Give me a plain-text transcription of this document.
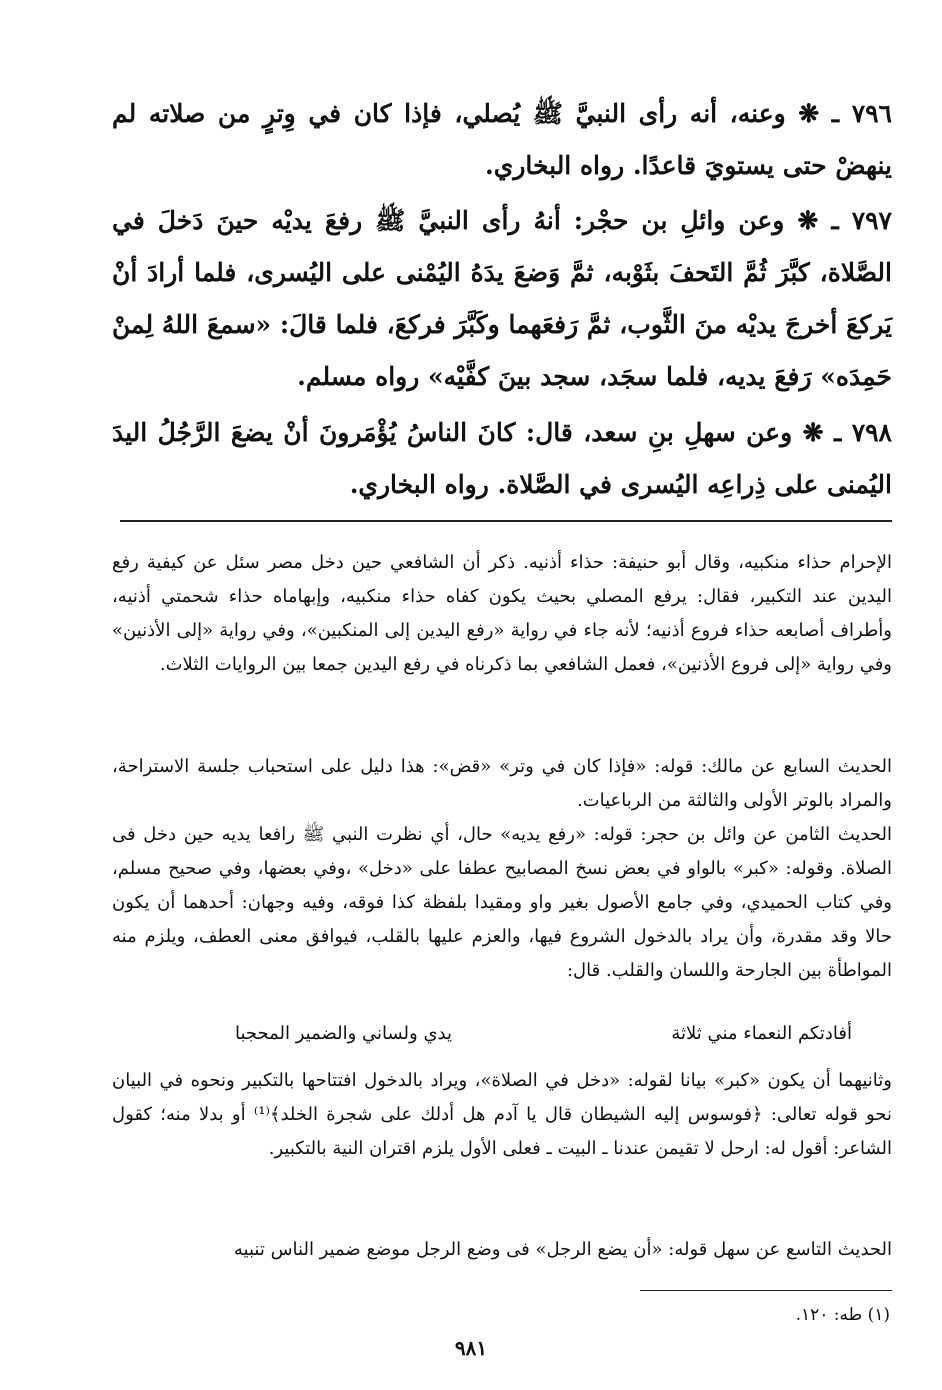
٧٩٦ ـ ❋ وعنه، أنه رأى النبيَّ ﷺ يُصلي، فإذا كان في وِترٍ من صلاته لم ينهضْ حتى يستويَ قاعدًا. رواه البخاري.

٧٩٧ ـ ❋ وعن وائلِ بن حجْر: أنهُ رأى النبيَّ ﷺ رفعَ يديْه حينَ دَخلَ في الصَّلاة، كبَّرَ ثُمَّ التَحفَ بثَوْبه، ثمَّ وَضعَ يدَهُ اليُمْنى على اليُسرى، فلما أرادَ أنْ يَركعَ أخرجَ يديْه منَ الثَّوب، ثمَّ رَفعَهما وكَبَّرَ فركعَ، فلما قالَ: «سمعَ اللهُ لِمنْ حَمِدَه» رَفعَ يديه، فلما سجَد، سجد بينَ كفَّيْه» رواه مسلم.

٧٩٨ ـ ❋ وعن سهلِ بنِ سعد، قال: كانَ الناسُ يُؤْمَرونَ أنْ يضعَ الرَّجُلُ اليدَ اليُمنى على ذِراعِه اليُسرى في الصَّلاة. رواه البخاري.

الإحرام حذاء منكبيه، وقال أبو حنيفة: حذاء أذنيه. ذكر أن الشافعي حين دخل مصر سئل عن كيفية رفع اليدين عند التكبير، فقال: يرفع المصلي بحيث يكون كفاه حذاء منكبيه، وإبهاماه حذاء شحمتي أذنيه، وأطراف أصابعه حذاء فروع أذنيه؛ لأنه جاء في رواية «رفع اليدين إلى المنكبين»، وفي رواية «إلى الأذنين» وفي رواية «إلى فروع الأذنين»، فعمل الشافعي بما ذكرناه في رفع اليدين جمعا بين الروايات الثلاث.

الحديث السابع عن مالك: قوله: «فإذا كان في وتر» «قض»: هذا دليل على استحباب جلسة الاستراحة، والمراد بالوتر الأولى والثالثة من الرباعيات.

الحديث الثامن عن وائل بن حجر: قوله: «رفع يديه» حال، أي نظرت النبي ﷺ رافعا يديه حين دخل فى الصلاة. وقوله: «كبر» بالواو في بعض نسخ المصابيح عطفا على «دخل» ،وفي بعضها، وفي صحيح مسلم، وفي كتاب الحميدي، وفي جامع الأصول بغير واو ومقيدا بلفظة كذا فوقه، وفيه وجهان: أحدهما أن يكون حالا وقد مقدرة، وأن يراد بالدخول الشروع فيها، والعزم عليها بالقلب، فيوافق معنى العطف، ويلزم منه المواطأة بين الجارحة واللسان والقلب. قال:

أفادتكم النعماء مني ثلاثة
يدي ولساني والضمير المحجبا

وثانيهما أن يكون «كبر» بيانا لقوله: «دخل في الصلاة»، ويراد بالدخول افتتاحها بالتكبير ونحوه في البيان نحو قوله تعالى: ﴿فوسوس إليه الشيطان قال يا آدم هل أدلك على شجرة الخلد﴾⁽¹⁾ أو بدلا منه؛ كقول الشاعر: أقول له: ارحل لا تقيمن عندنا ـ البيت ـ فعلى الأول يلزم اقتران النية بالتكبير.

الحديث التاسع عن سهل قوله: «أن يضع الرجل» فى وضع الرجل موضع ضمير الناس تنبيه

(١) طه: ١٢٠.

٩٨١
